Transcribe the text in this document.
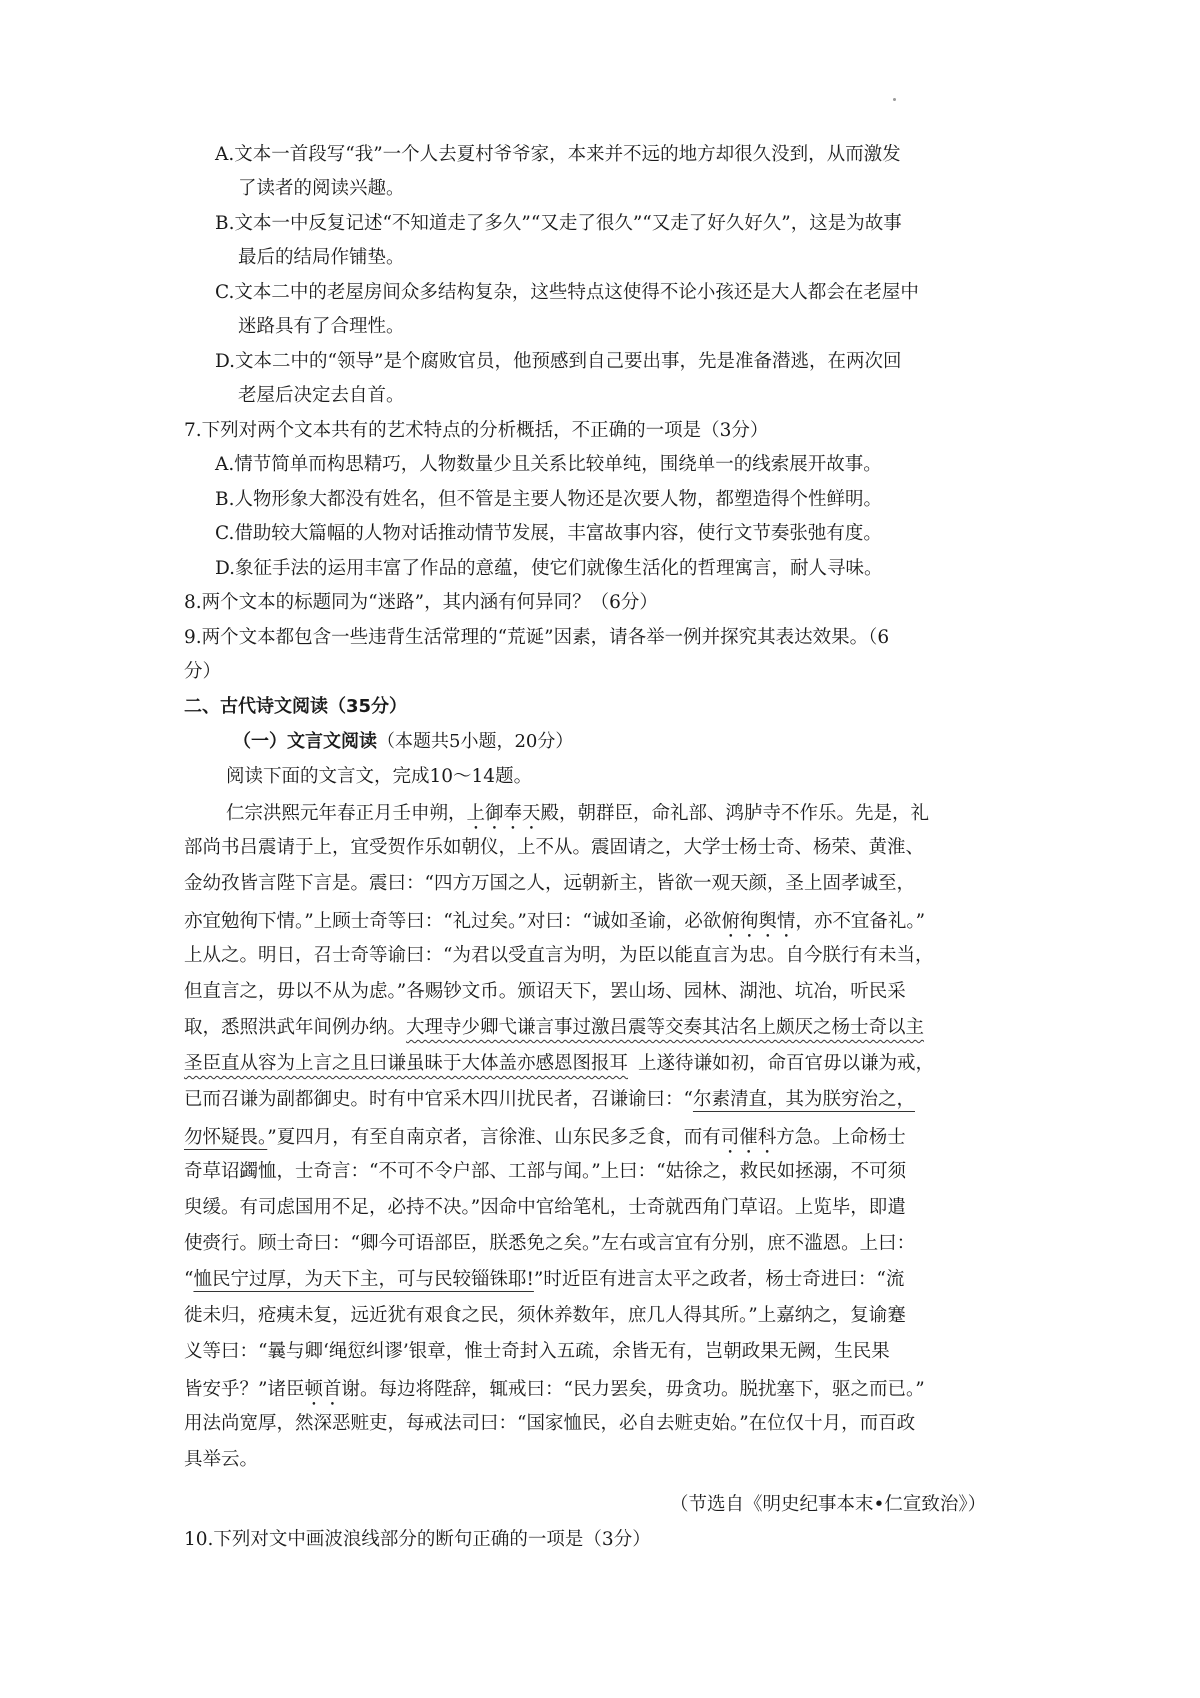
A.文本一首段写“我”一个人去夏村爷爷家，本来并不远的地方却很久没到，从而激发
了读者的阅读兴趣。
B.文本一中反复记述“不知道走了多久”“又走了很久”“又走了好久好久”，这是为故事
最后的结局作铺垫。
C.文本二中的老屋房间众多结构复杂，这些特点这使得不论小孩还是大人都会在老屋中
迷路具有了合理性。
D.文本二中的“领导”是个腐败官员，他预感到自己要出事，先是准备潜逃，在两次回
老屋后决定去自首。
7.下列对两个文本共有的艺术特点的分析概括，不正确的一项是（3分）
A.情节简单而构思精巧，人物数量少且关系比较单纯，围绕单一的线索展开故事。
B.人物形象大都没有姓名，但不管是主要人物还是次要人物，都塑造得个性鲜明。
C.借助较大篇幅的人物对话推动情节发展，丰富故事内容，使行文节奏张弛有度。
D.象征手法的运用丰富了作品的意蕴，使它们就像生活化的哲理寓言，耐人寻味。
8.两个文本的标题同为“迷路”，其内涵有何异同？（6分）
9.两个文本都包含一些违背生活常理的“荒诞”因素，请各举一例并探究其表达效果。（6
分）
二、古代诗文阅读（35分）
（一）文言文阅读（本题共5小题，20分）
阅读下面的文言文，完成10～14题。
仁宗洪熙元年春正月壬申朔，上御奉天殿，朝群臣，命礼部、鸿胪寺不作乐。先是，礼
部尚书吕震请于上，宜受贺作乐如朝仪，上不从。震固请之，大学士杨士奇、杨荣、黄淮、
金幼孜皆言陛下言是。震曰：“四方万国之人，远朝新主，皆欲一观天颜，圣上固孝诚至，
亦宜勉徇下情。”上顾士奇等曰：“礼过矣。”对曰：“诚如圣谕，必欲俯徇舆情，亦不宜备礼。”
上从之。明日，召士奇等谕曰：“为君以受直言为明，为臣以能直言为忠。自今朕行有未当，
但直言之，毋以不从为虑。”各赐钞文币。颁诏天下，罢山场、园林、湖池、坑冶，听民采
取，悉照洪武年间例办纳。大理寺少卿弋谦言事过激吕震等交奏其沽名上颇厌之杨士奇以主
圣臣直从容为上言之且曰谦虽昧于大体盖亦感恩图报耳 上遂待谦如初，命百官毋以谦为戒，
已而召谦为副都御史。时有中官采木四川扰民者，召谦谕曰：“尔素清直，其为朕穷治之，
勿怀疑畏。”夏四月，有至自南京者，言徐淮、山东民多乏食，而有司催科方急。上命杨士
奇草诏蠲恤，士奇言：“不可不令户部、工部与闻。”上曰：“姑徐之，救民如拯溺，不可须
臾缓。有司虑国用不足，必持不决。”因命中官给笔札，士奇就西角门草诏。上览毕，即遣
使赍行。顾士奇曰：“卿今可语部臣，朕悉免之矣。”左右或言宜有分别，庶不滥恩。上曰：
“恤民宁过厚，为天下主，可与民较锱铢耶!”时近臣有进言太平之政者，杨士奇进曰：“流
徙未归，疮痍未复，远近犹有艰食之民，须休养数年，庶几人得其所。”上嘉纳之，复谕蹇
义等曰：“曩与卿‘绳愆纠谬’银章，惟士奇封入五疏，余皆无有，岂朝政果无阙，生民果
皆安乎？”诸臣顿首谢。每边将陛辞，辄戒曰：“民力罢矣，毋贪功。脱扰塞下，驱之而已。”
用法尚宽厚，然深恶赃吏，每戒法司曰：“国家恤民，必自去赃吏始。”在位仅十月，而百政
具举云。
（节选自《明史纪事本末•仁宣致治》）
10.下列对文中画波浪线部分的断句正确的一项是（3分）
